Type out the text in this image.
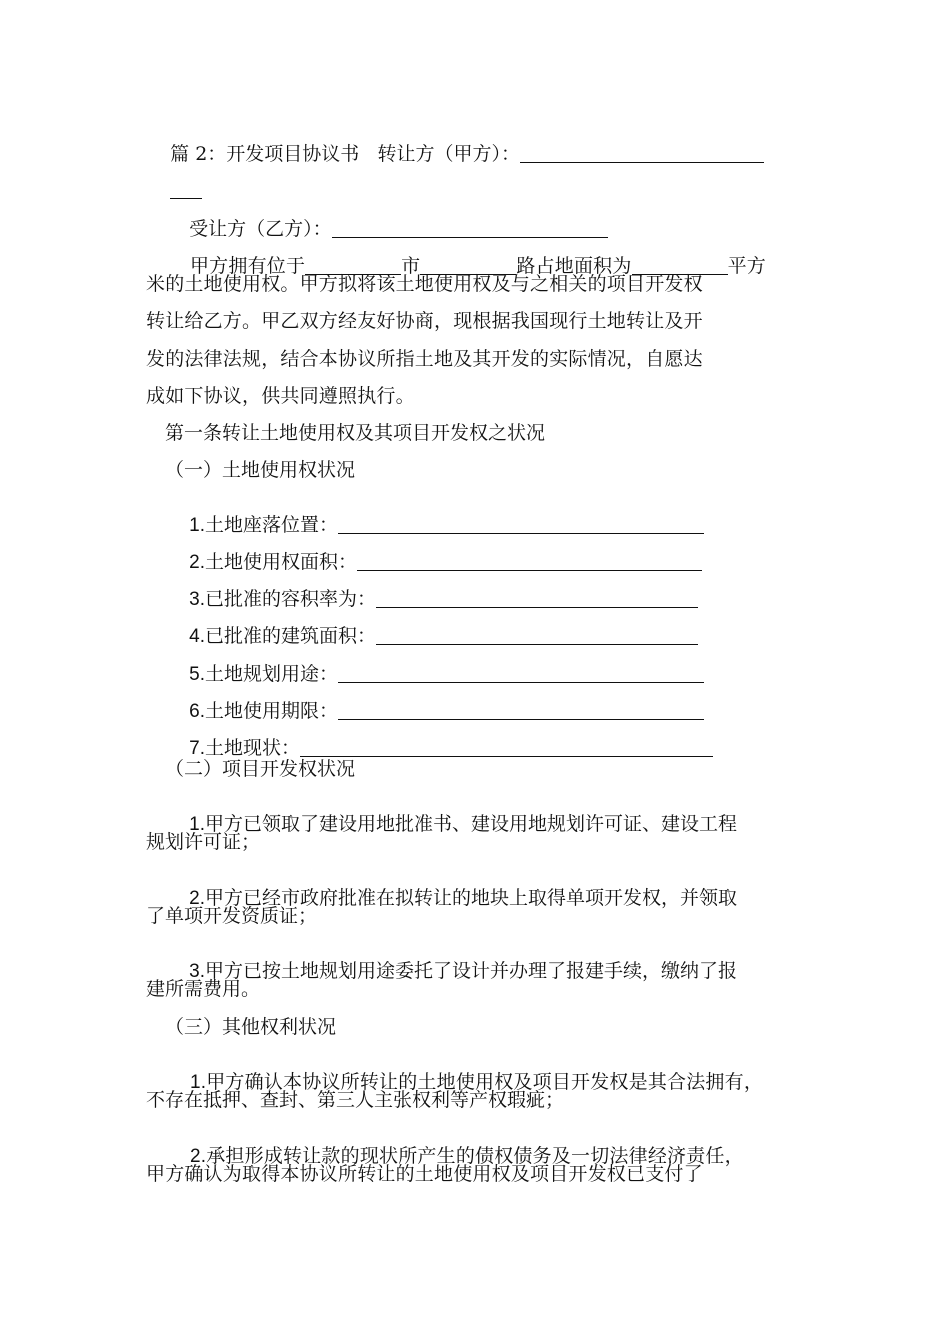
篇 2：开发项目协议书 转让方（甲方）：

受让方（乙方）：

甲方拥有位于	市	路占地面积为	平方

米的土地使用权。甲方拟将该土地使用权及与之相关的项目开发权
转让给乙方。甲乙双方经友好协商，现根据我国现行土地转让及开
发的法律法规，结合本协议所指土地及其开发的实际情况，自愿达
成如下协议，供共同遵照执行。
第一条转让土地使用权及其项目开发权之状况
（一）土地使用权状况

1.土地座落位置：

2.土地使用权面积：

3.已批准的容积率为：

4.已批准的建筑面积：

5.土地规划用途：

6.土地使用期限：

7.土地现状：

（二）项目开发权状况

1.甲方已领取了建设用地批准书、建设用地规划许可证、建设工程

规划许可证；

2.甲方已经市政府批准在拟转让的地块上取得单项开发权，并领取

了单项开发资质证；

3.甲方已按土地规划用途委托了设计并办理了报建手续，缴纳了报

建所需费用。
（三）其他权利状况

1.甲方确认本协议所转让的土地使用权及项目开发权是其合法拥有，

不存在抵押、查封、第三人主张权利等产权瑕疵；

2.承担形成转让款的现状所产生的债权债务及一切法律经济责任，

甲方确认为取得本协议所转让的土地使用权及项目开发权已支付了
